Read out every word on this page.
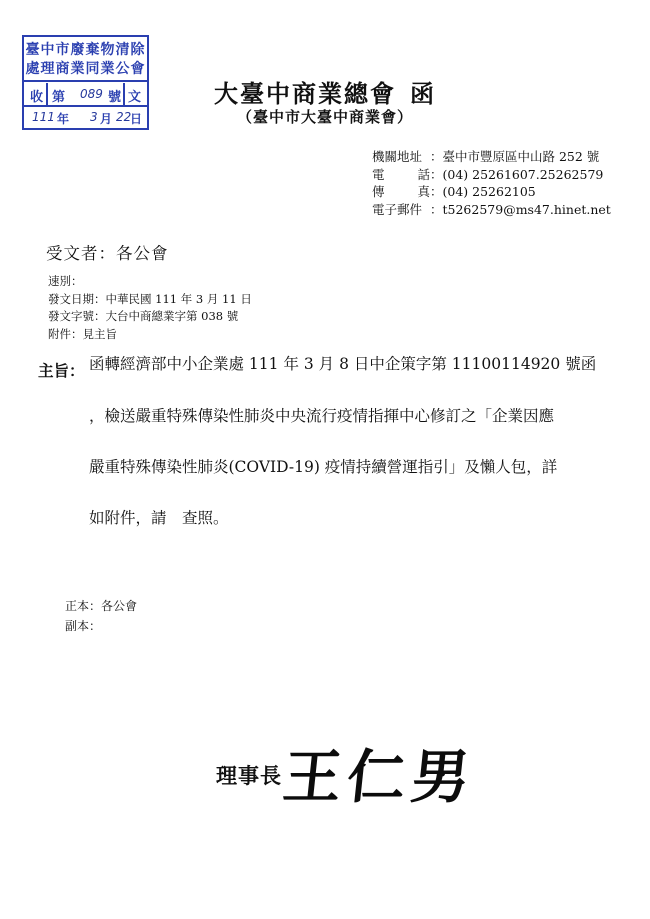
臺中市廢棄物清除
處理商業同業公會
收 第 089 號 文
111 年 3 月 22
日
大臺中商業總會 函
（臺中市大臺中商業會）
機關地址 ：臺中市豐原區中山路 252 號
電話：(04) 25261607.25262579
傳真：(04) 25262105
電子郵件 ：t5262579@ms47.hinet.net
受文者：各公會
速別：
發文日期：中華民國 111 年 3 月 11 日
發文字號：大台中商總業字第 038 號
附件：見主旨
主旨： 函轉經濟部中小企業處 111 年 3 月 8 日中企策字第 11100114920 號函
，檢送嚴重特殊傳染性肺炎中央流行疫情指揮中心修訂之「企業因應
嚴重特殊傳染性肺炎(COVID-19) 疫情持續營運指引」及懶人包，詳
如附件，請　查照。
正本：各公會
副本：
理事長
王仁男
